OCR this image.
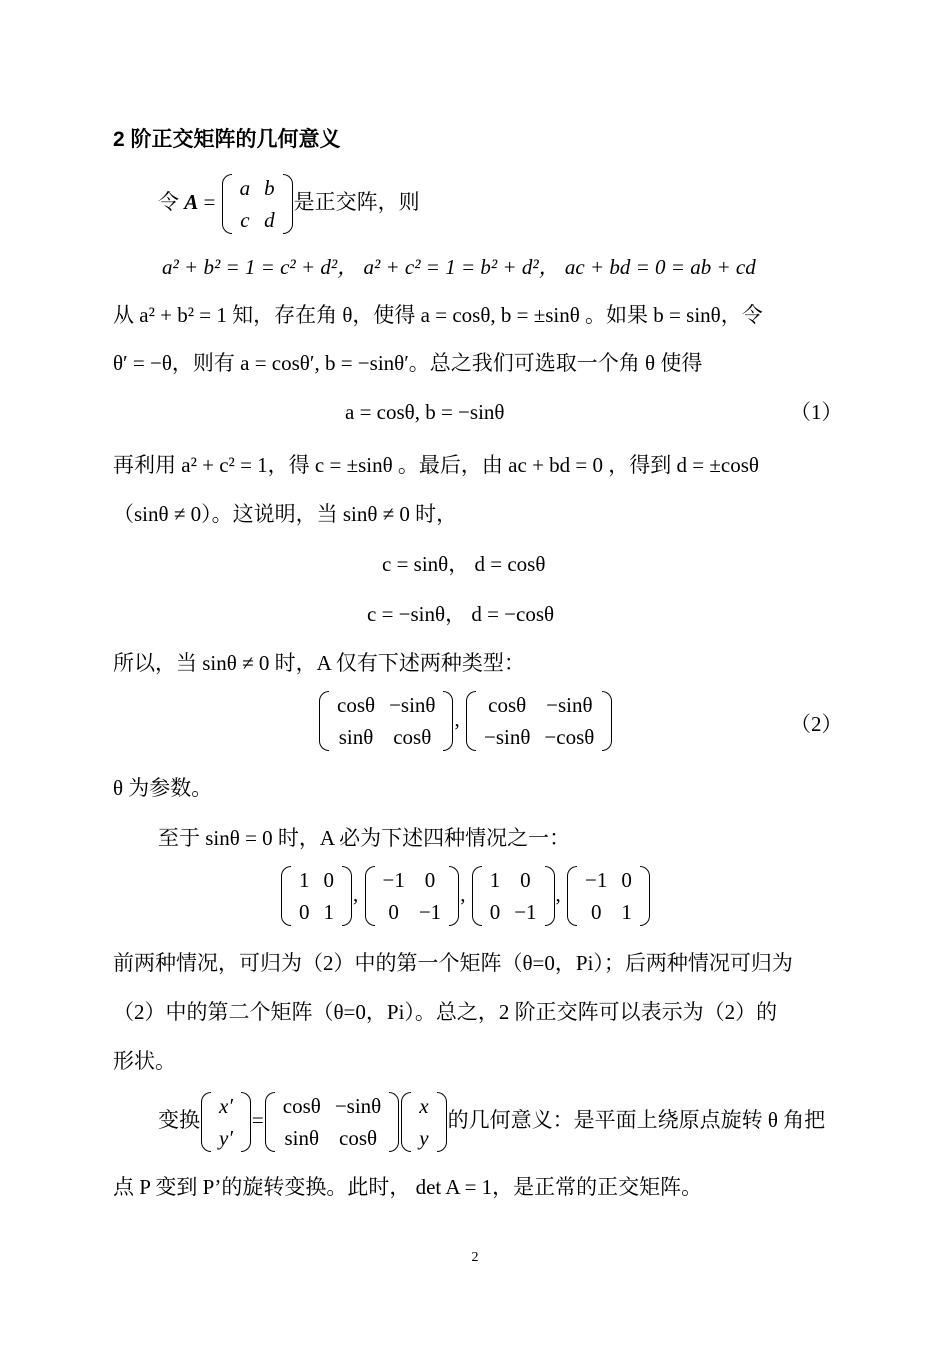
2 阶正交矩阵的几何意义
令 A =
a	b
c	d
是正交阵，则
a² + b² = 1 = c² + d²， a² + c² = 1 = b² + d²， ac + bd = 0 = ab + cd
从 a² + b² = 1 知，存在角 θ，使得 a = cosθ, b = ±sinθ 。如果 b = sinθ，令
θ′ = −θ，则有 a = cosθ′, b = −sinθ′。总之我们可选取一个角 θ 使得
a = cosθ, b = −sinθ	（1）
再利用 a² + c² = 1，得 c = ±sinθ 。最后，由 ac + bd = 0 ，得到 d = ±cosθ
（sinθ ≠ 0）。这说明，当 sinθ ≠ 0 时，
c = sinθ， d = cosθ
c = −sinθ， d = −cosθ
所以，当 sinθ ≠ 0 时，A 仅有下述两种类型：
cosθ	−sinθ
sinθ	cosθ
,
cosθ	−sinθ
−sinθ	−cosθ
（2）
θ 为参数。
至于 sinθ = 0 时，A 必为下述四种情况之一：
1	0
0	1
,
−1	0
0	−1
,
1	0
0	−1
,
−1	0
0	1
前两种情况，可归为（2）中的第一个矩阵（θ=0，Pi）；后两种情况可归为
（2）中的第二个矩阵（θ=0，Pi）。总之，2 阶正交阵可以表示为（2）的
形状。
变换
x′
y′
=
cosθ	−sinθ
sinθ	cosθ
x
y
的几何意义：是平面上绕原点旋转 θ 角把
点 P 变到 P’的旋转变换。此时， det A = 1，是正常的正交矩阵。
2
